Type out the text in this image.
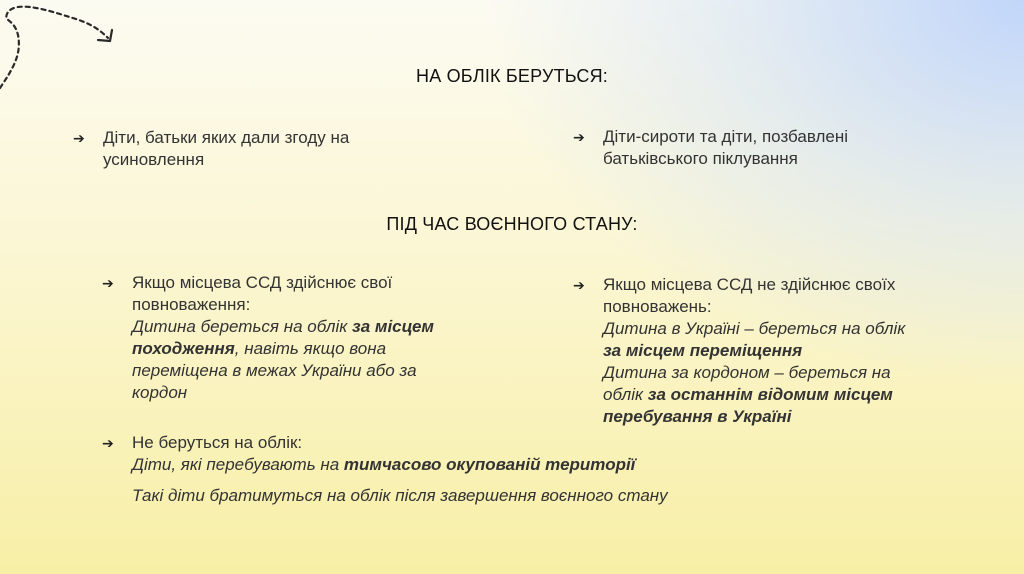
НА ОБЛІК БЕРУТЬСЯ:
➔ Діти, батьки яких дали згоду на
усиновлення
➔ Діти-сироти та діти, позбавлені
батьківського піклування
ПІД ЧАС ВОЄННОГО СТАНУ:
➔ Якщо місцева ССД здійснює свої
повноваження:
Дитина береться на облік за місцем
походження, навіть якщо вона
переміщена в межах України або за
кордон
➔ Якщо місцева ССД не здійснює своїх
повноважень:
Дитина в Україні – береться на облік
за місцем переміщення
Дитина за кордоном – береться на
облік за останнім відомим місцем
перебування в Україні
➔ Не беруться на облік:
Діти, які перебувають на тимчасово окупованій території
Такі діти братимуться на облік після завершення воєнного стану
